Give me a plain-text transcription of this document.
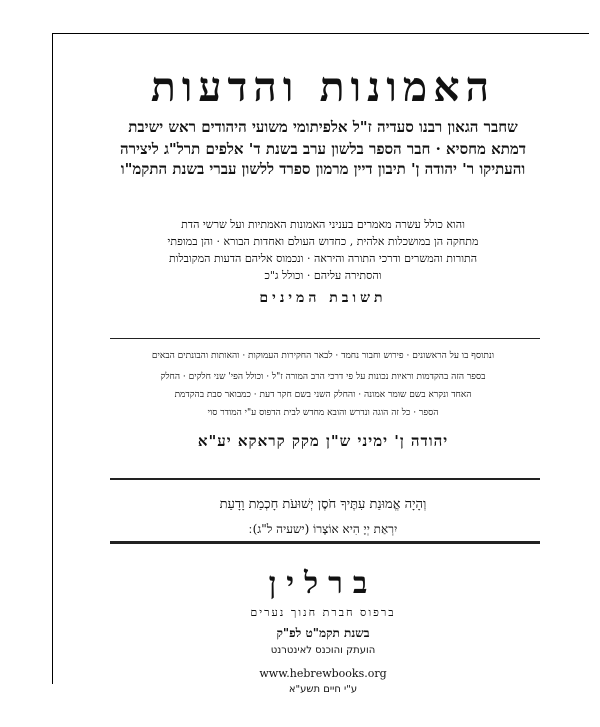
האמונות והדעות
שחבר הגאון רבנו סעדיה ז"ל אלפיתומי משועי היהודים ראש ישיבת
דמתא מחסיא · חבר הספר בלשון ערב בשנת ד' אלפים תרל"ג ליצירה
והעתיקו ר' יהודה ן' תיבון דיין מרמון ספרד ללשון עברי בשנת התקמ"ו
והוא כולל עשרה מאמרים בעניני האמונות האמתיות ועל שרשי הדת
מתחקה הן במושכלות אלהית , כחדוש העולם ואחדות הבורא · והן במופתי
התורות והמשרים ודרכי התורה והיראה · ונכמוס אליהם הדעות המקובלות
והסתירה עליהם · וכולל ג"כ
תשובת המינים
ונתוסף בו על הראשונים · פירוש וחבור נחמד · לבאר החקירות העמוקות · והאותות והבונתים הבאים
בספר הזה בהקדמות וראיות נכונות על פי דרכי הרב המורה ז"ל · וכולל הפי' שני חלקים · החלק
האחד ונקרא בשם שומר אמונה · והחלק השני בשם חקר דעת · כמבואר סבת בהקדמת
הספר · כל זה הוגה ונדרש והובא מחדש לבית הדפוס ע"י המודר סוי
יהודה ן' ימיני ש"ן מקק קראקא יע"א
וְהָיָה אֱמוּנַת עִתֶּיךָ חֹסֶן יְשׁוּעֹת חָכְמַת וָדָעַת
יִרְאַת יְיָ הִיא אוֹצָרוֹ (ישעיה ל"ג) ׃
ברלין
ברפוס חברת חנוך נערים
בשנת תקמ"ט לפ"ק
הועתק והוכנס לאינטרנט
www.hebrewbooks.org
ע"י חיים תשע"א
